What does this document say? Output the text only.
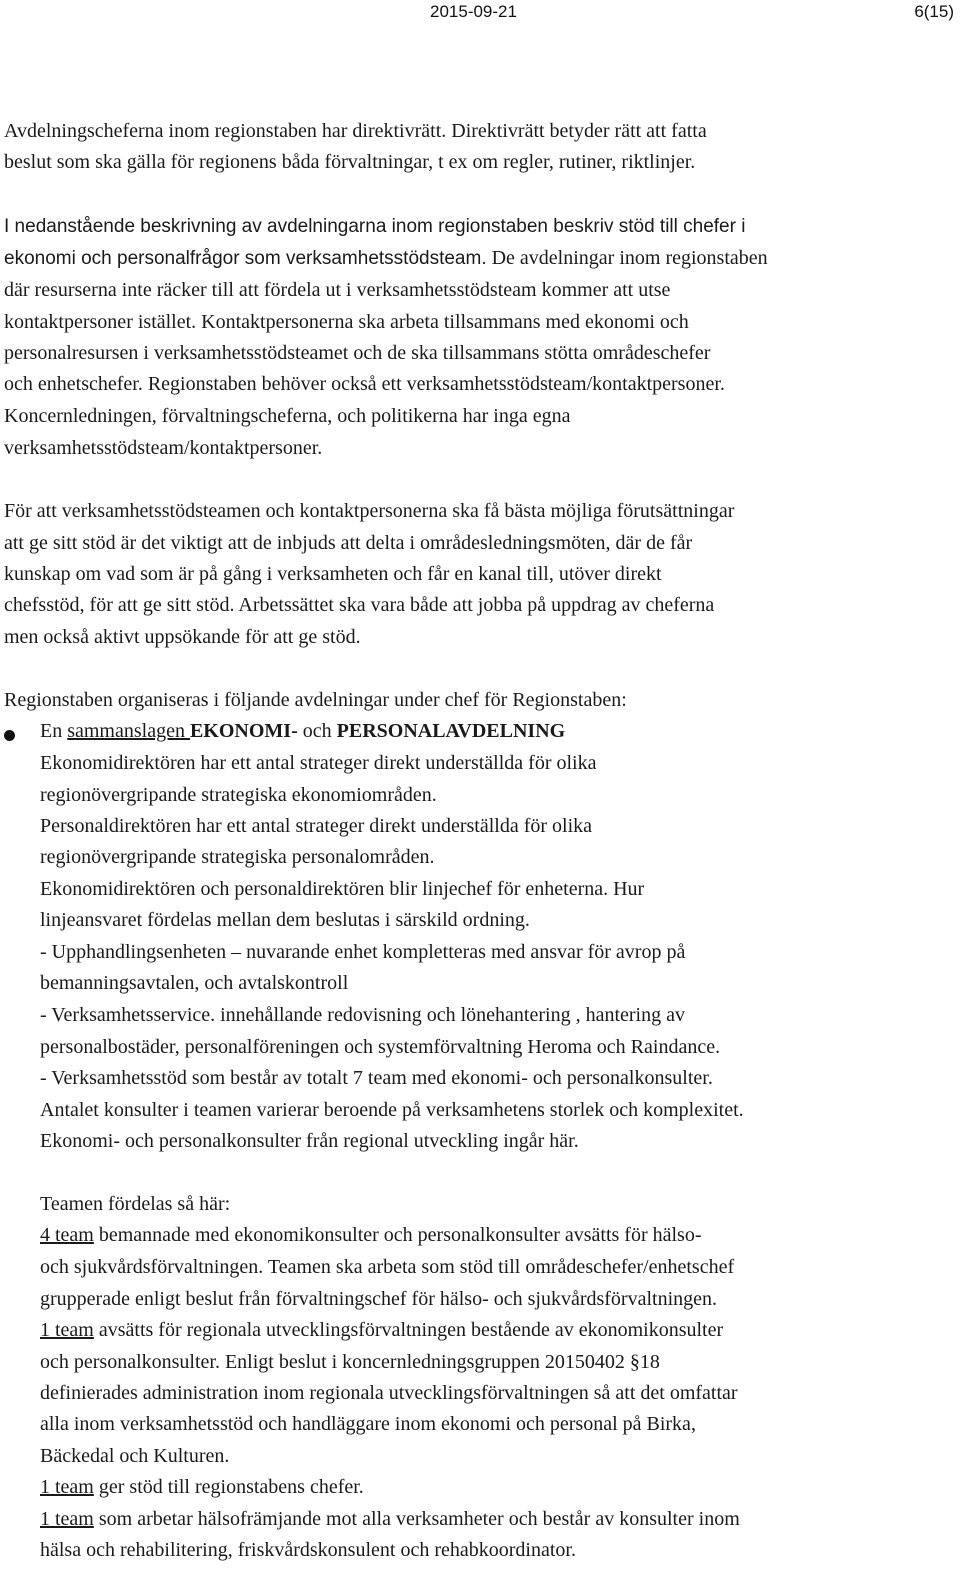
2015-09-21	6(15)
Avdelningscheferna inom regionstaben har direktivrätt. Direktivrätt betyder rätt att fatta
beslut som ska gälla för regionens båda förvaltningar, t ex om regler, rutiner, riktlinjer.
I nedanstående beskrivning av avdelningarna inom regionstaben beskriv stöd till chefer i
ekonomi och personalfrågor som verksamhetsstödsteam. De avdelningar inom regionstaben
där resurserna inte räcker till att fördela ut i verksamhetsstödsteam kommer att utse
kontaktpersoner istället. Kontaktpersonerna ska arbeta tillsammans med ekonomi och
personalresursen i verksamhetsstödsteamet och de ska tillsammans stötta områdeschefer
och enhetschefer. Regionstaben behöver också ett verksamhetsstödsteam/kontaktpersoner.
Koncernledningen, förvaltningscheferna, och politikerna har inga egna
verksamhetsstödsteam/kontaktpersoner.
För att verksamhetsstödsteamen och kontaktpersonerna ska få bästa möjliga förutsättningar
att ge sitt stöd är det viktigt att de inbjuds att delta i områdesledningsmöten, där de får
kunskap om vad som är på gång i verksamheten och får en kanal till, utöver direkt
chefsstöd, för att ge sitt stöd. Arbetssättet ska vara både att jobba på uppdrag av cheferna
men också aktivt uppsökande för att ge stöd.
Regionstaben organiseras i följande avdelningar under chef för Regionstaben:
En sammanslagen EKONOMI- och PERSONALAVDELNING
Ekonomidirektören har ett antal strateger direkt underställda för olika
regionövergripande strategiska ekonomiområden.
Personaldirektören har ett antal strateger direkt underställda för olika
regionövergripande strategiska personalområden.
Ekonomidirektören och personaldirektören blir linjechef för enheterna. Hur
linjeansvaret fördelas mellan dem beslutas i särskild ordning.
- Upphandlingsenheten – nuvarande enhet kompletteras med ansvar för avrop på
bemanningsavtalen, och avtalskontroll
- Verksamhetsservice. innehållande redovisning och lönehantering , hantering av
personalbostäder, personalföreningen och systemförvaltning Heroma och Raindance.
- Verksamhetsstöd som består av totalt 7 team med ekonomi- och personalkonsulter.
Antalet konsulter i teamen varierar beroende på verksamhetens storlek och komplexitet.
Ekonomi- och personalkonsulter från regional utveckling ingår här.
Teamen fördelas så här:
4 team bemannade med ekonomikonsulter och personalkonsulter avsätts för hälso-
och sjukvårdsförvaltningen. Teamen ska arbeta som stöd till områdeschefer/enhetschef
grupperade enligt beslut från förvaltningschef för hälso- och sjukvårdsförvaltningen.
1 team avsätts för regionala utvecklingsförvaltningen bestående av ekonomikonsulter
och personalkonsulter. Enligt beslut i koncernledningsgruppen 20150402 §18
definierades administration inom regionala utvecklingsförvaltningen så att det omfattar
alla inom verksamhetsstöd och handläggare inom ekonomi och personal på Birka,
Bäckedal och Kulturen.
1 team ger stöd till regionstabens chefer.
1 team som arbetar hälsofrämjande mot alla verksamheter och består av konsulter inom
hälsa och rehabilitering, friskvårdskonsulent och rehabkoordinator.
